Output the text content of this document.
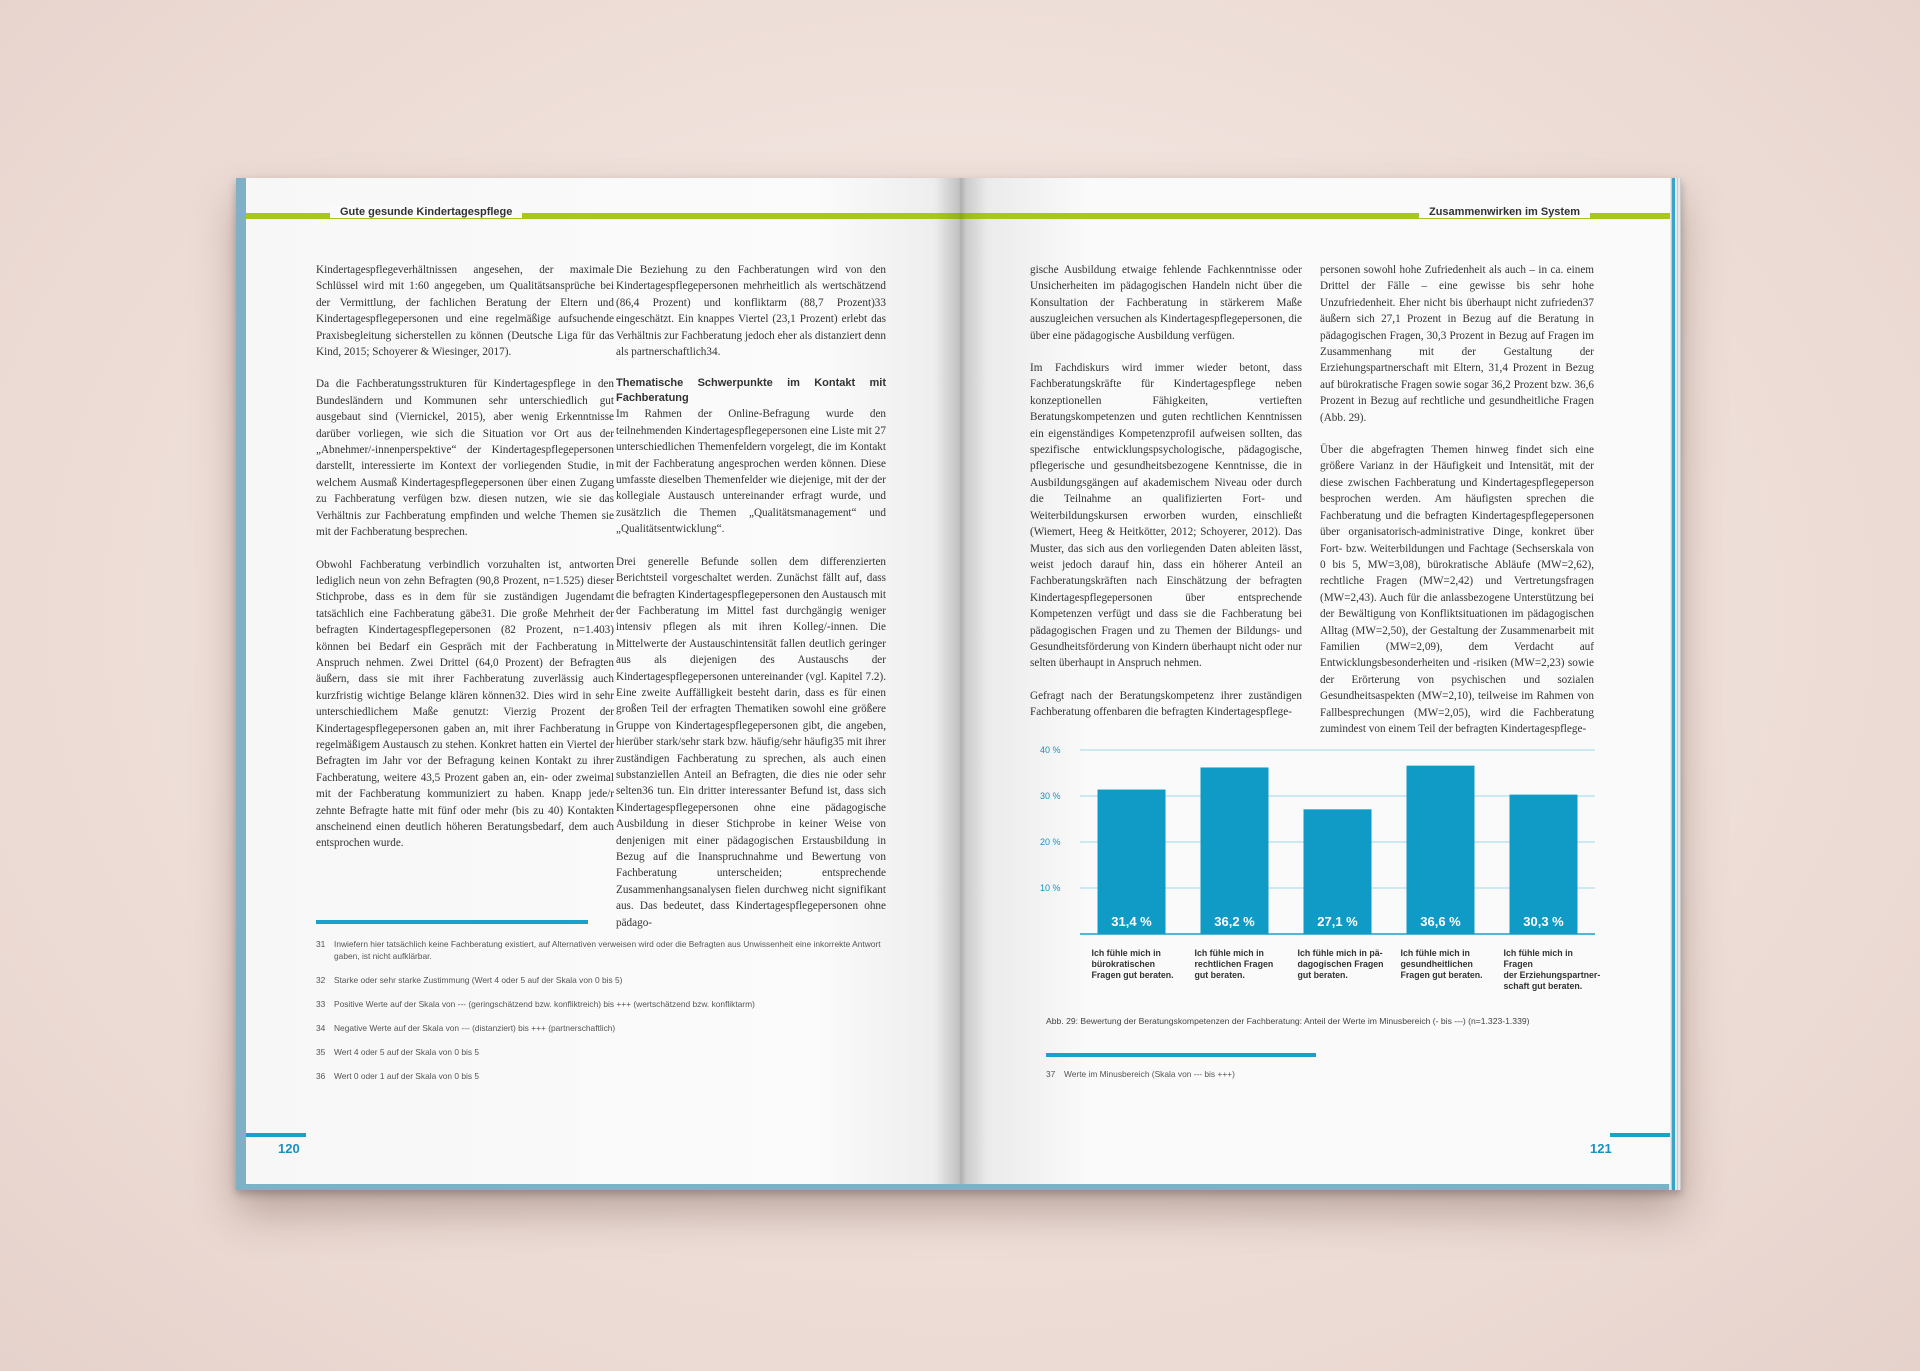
Gute gesunde Kindertagespflege

Kindertagespflegeverhältnissen angesehen, der maximale Schlüssel wird mit 1:60 angegeben, um Qualitätsansprüche bei der Vermittlung, der fachlichen Beratung der Eltern und Kindertagespflegepersonen und eine regelmäßige aufsuchende Praxisbegleitung sicherstellen zu können (Deutsche Liga für das Kind, 2015; Schoyerer & Wiesinger, 2017).

Da die Fachberatungsstrukturen für Kindertagespflege in den Bundesländern und Kommunen sehr unterschiedlich gut ausgebaut sind (Viernickel, 2015), aber wenig Erkenntnisse darüber vorliegen, wie sich die Situation vor Ort aus der „Abnehmer/-innenperspektive“ der Kindertagespflegepersonen darstellt, interessierte im Kontext der vorliegenden Studie, in welchem Ausmaß Kindertagespflegepersonen über einen Zugang zu Fachberatung verfügen bzw. diesen nutzen, wie sie das Verhältnis zur Fachberatung empfinden und welche Themen sie mit der Fachberatung besprechen.

Obwohl Fachberatung verbindlich vorzuhalten ist, antworten lediglich neun von zehn Befragten (90,8 Prozent, n=1.525) dieser Stichprobe, dass es in dem für sie zuständigen Jugendamt tatsächlich eine Fachberatung gäbe31. Die große Mehrheit der befragten Kindertagespflegepersonen (82 Prozent, n=1.403) können bei Bedarf ein Gespräch mit der Fachberatung in Anspruch nehmen. Zwei Drittel (64,0 Prozent) der Befragten äußern, dass sie mit ihrer Fachberatung zuverlässig auch kurzfristig wichtige Belange klären können32. Dies wird in sehr unterschiedlichem Maße genutzt: Vierzig Prozent der Kindertagespflegepersonen gaben an, mit ihrer Fachberatung in regelmäßigem Austausch zu stehen. Konkret hatten ein Viertel der Befragten im Jahr vor der Befragung keinen Kontakt zu ihrer Fachberatung, weitere 43,5 Prozent gaben an, ein- oder zweimal mit der Fachberatung kommuniziert zu haben. Knapp jede/r zehnte Befragte hatte mit fünf oder mehr (bis zu 40) Kontakten anscheinend einen deutlich höheren Beratungsbedarf, dem auch entsprochen wurde.

Die Beziehung zu den Fachberatungen wird von den Kindertagespflegepersonen mehrheitlich als wertschätzend (86,4 Prozent) und konfliktarm (88,7 Prozent)33 eingeschätzt. Ein knappes Viertel (23,1 Prozent) erlebt das Verhältnis zur Fachberatung jedoch eher als distanziert denn als partnerschaftlich34.

Thematische Schwerpunkte im Kontakt mit Fachberatung

Im Rahmen der Online-Befragung wurde den teilnehmenden Kindertagespflegepersonen eine Liste mit 27 unterschiedlichen Themenfeldern vorgelegt, die im Kontakt mit der Fachberatung angesprochen werden können. Diese umfasste dieselben Themenfelder wie diejenige, mit der der kollegiale Austausch untereinander erfragt wurde, und zusätzlich die Themen „Qualitätsmanagement“ und „Qualitätsentwicklung“.

Drei generelle Befunde sollen dem differenzierten Berichtsteil vorgeschaltet werden. Zunächst fällt auf, dass die befragten Kindertagespflegepersonen den Austausch mit der Fachberatung im Mittel fast durchgängig weniger intensiv pflegen als mit ihren Kolleg/-innen. Die Mittelwerte der Austauschintensität fallen deutlich geringer aus als diejenigen des Austauschs der Kindertagespflegepersonen untereinander (vgl. Kapitel 7.2). Eine zweite Auffälligkeit besteht darin, dass es für einen großen Teil der erfragten Thematiken sowohl eine größere Gruppe von Kindertagespflegepersonen gibt, die angeben, hierüber stark/sehr stark bzw. häufig/sehr häufig35 mit ihrer zuständigen Fachberatung zu sprechen, als auch einen substanziellen Anteil an Befragten, die dies nie oder sehr selten36 tun. Ein dritter interessanter Befund ist, dass sich Kindertagespflegepersonen ohne eine pädagogische Ausbildung in dieser Stichprobe in keiner Weise von denjenigen mit einer pädagogischen Erstausbildung in Bezug auf die Inanspruchnahme und Bewertung von Fachberatung unterscheiden; entsprechende Zusammenhangsanalysen fielen durchweg nicht signifikant aus. Das bedeutet, dass Kindertagespflegepersonen ohne pädago-

31	Inwiefern hier tatsächlich keine Fachberatung existiert, auf Alternativen verweisen wird oder die Befragten aus Unwissenheit eine inkorrekte Antwort gaben, ist nicht aufklärbar.
32	Starke oder sehr starke Zustimmung (Wert 4 oder 5 auf der Skala von 0 bis 5)
33	Positive Werte auf der Skala von --- (geringschätzend bzw. konfliktreich) bis +++ (wertschätzend bzw. konfliktarm)
34	Negative Werte auf der Skala von --- (distanziert) bis +++ (partnerschaftlich)
35	Wert 4 oder 5 auf der Skala von 0 bis 5
36	Wert 0 oder 1 auf der Skala von 0 bis 5
120
Zusammenwirken im System

gische Ausbildung etwaige fehlende Fachkenntnisse oder Unsicherheiten im pädagogischen Handeln nicht über die Konsultation der Fachberatung in stärkerem Maße auszugleichen versuchen als Kindertagespflegepersonen, die über eine pädagogische Ausbildung verfügen.

Im Fachdiskurs wird immer wieder betont, dass Fachberatungskräfte für Kindertagespflege neben konzeptionellen Fähigkeiten, vertieften Beratungskompetenzen und guten rechtlichen Kenntnissen ein eigenständiges Kompetenzprofil aufweisen sollten, das spezifische entwicklungspsychologische, pädagogische, pflegerische und gesundheitsbezogene Kenntnisse, die in Ausbildungsgängen auf akademischem Niveau oder durch die Teilnahme an qualifizierten Fort- und Weiterbildungskursen erworben wurden, einschließt (Wiemert, Heeg & Heitkötter, 2012; Schoyerer, 2012). Das Muster, das sich aus den vorliegenden Daten ableiten lässt, weist jedoch darauf hin, dass ein höherer Anteil an Fachberatungskräften nach Einschätzung der befragten Kindertagespflegepersonen über entsprechende Kompetenzen verfügt und dass sie die Fachberatung bei pädagogischen Fragen und zu Themen der Bildungs- und Gesundheitsförderung von Kindern überhaupt nicht oder nur selten überhaupt in Anspruch nehmen.

Gefragt nach der Beratungskompetenz ihrer zuständigen Fachberatung offenbaren die befragten Kindertagespflege-

personen sowohl hohe Zufriedenheit als auch – in ca. einem Drittel der Fälle – eine gewisse bis sehr hohe Unzufriedenheit. Eher nicht bis überhaupt nicht zufrieden37 äußern sich 27,1 Prozent in Bezug auf die Beratung in pädagogischen Fragen, 30,3 Prozent in Bezug auf Fragen im Zusammenhang mit der Gestaltung der Erziehungspartnerschaft mit Eltern, 31,4 Prozent in Bezug auf bürokratische Fragen sowie sogar 36,2 Prozent bzw. 36,6 Prozent in Bezug auf rechtliche und gesundheitliche Fragen (Abb. 29).

Über die abgefragten Themen hinweg findet sich eine größere Varianz in der Häufigkeit und Intensität, mit der diese zwischen Fachberatung und Kindertagespflegeperson besprochen werden. Am häufigsten sprechen die Fachberatung und die befragten Kindertagespflegepersonen über organisatorisch-administrative Dinge, konkret über Fort- bzw. Weiterbildungen und Fachtage (Sechserskala von 0 bis 5, MW=3,08), bürokratische Abläufe (MW=2,62), rechtliche Fragen (MW=2,42) und Vertretungsfragen (MW=2,43). Auch für die anlassbezogene Unterstützung bei der Bewältigung von Konfliktsituationen im pädagogischen Alltag (MW=2,50), der Gestaltung der Zusammenarbeit mit Familien (MW=2,09), dem Verdacht auf Entwicklungsbesonderheiten und -risiken (MW=2,23) sowie der Erörterung von psychischen und sozialen Gesundheitsaspekten (MW=2,10), teilweise im Rahmen von Fallbesprechungen (MW=2,05), wird die Fachberatung zumindest von einem Teil der befragten Kindertagespflege-

10 %
20 %
30 %
40 %
31,4 %	36,2 %	27,1 %	36,6 %	30,3 %
Abb. 29: Bewertung der Beratungskompetenzen der Fachberatung: Anteil der Werte im Minusbereich (- bis ---) (n=1.323-1.339)
37	Werte im Minusbereich (Skala von --- bis +++)
121
Ich fühle mich in
bürokratischen
Fragen gut beraten.
Ich fühle mich in
rechtlichen Fragen
gut beraten.
Ich fühle mich in pä-
dagogischen Fragen
gut beraten.
Ich fühle mich in
gesundheitlichen
Fragen gut beraten.
Ich fühle mich in Fragen
der Erziehungspartner-
schaft gut beraten.
